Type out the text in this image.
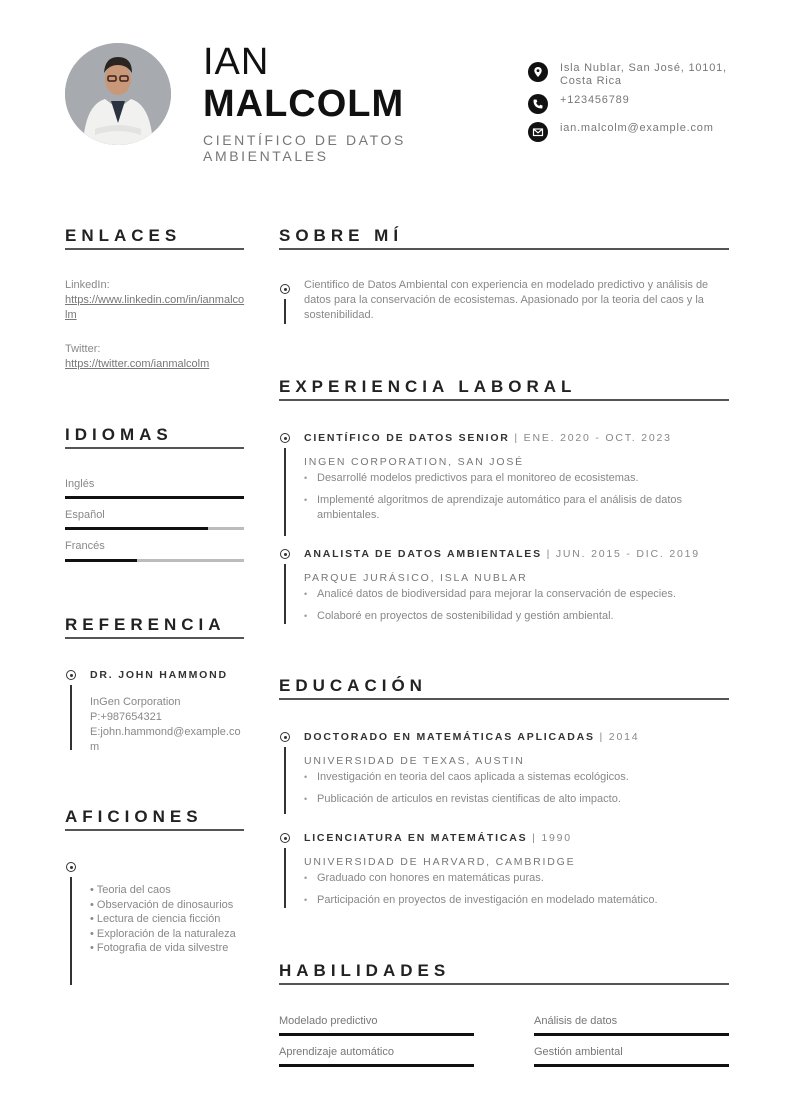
IAN
MALCOLM
CIENTÍFICO DE DATOS AMBIENTALES
Isla Nublar, San José, 10101, Costa Rica
+123456789
ian.malcolm@example.com
ENLACES
LinkedIn:
https://www.linkedin.com/in/ianmalcolm
Twitter:
https://twitter.com/ianmalcolm
IDIOMAS
Inglés
Español
Francés
REFERENCIA
DR. JOHN HAMMOND
InGen Corporation
P:+987654321
E:john.hammond@example.com
AFICIONES
• Teoria del caos
• Observación de dinosaurios
• Lectura de ciencia ficción
• Exploración de la naturaleza
• Fotografia de vida silvestre
SOBRE MÍ
Cientifico de Datos Ambiental con experiencia en modelado predictivo y análisis de datos para la conservación de ecosistemas. Apasionado por la teoria del caos y la sostenibilidad.
EXPERIENCIA LABORAL
CIENTÍFICO DE DATOS SENIOR | ENE. 2020 - OCT. 2023
INGEN CORPORATION, SAN JOSÉ
• Desarrollé modelos predictivos para el monitoreo de ecosistemas.
• Implementé algoritmos de aprendizaje automático para el análisis de datos ambientales.
ANALISTA DE DATOS AMBIENTALES | JUN. 2015 - DIC. 2019
PARQUE JURÁSICO, ISLA NUBLAR
• Analicé datos de biodiversidad para mejorar la conservación de especies.
• Colaboré en proyectos de sostenibilidad y gestión ambiental.
EDUCACIÓN
DOCTORADO EN MATEMÁTICAS APLICADAS | 2014
UNIVERSIDAD DE TEXAS, AUSTIN
• Investigación en teoria del caos aplicada a sistemas ecológicos.
• Publicación de articulos en revistas cientificas de alto impacto.
LICENCIATURA EN MATEMÁTICAS | 1990
UNIVERSIDAD DE HARVARD, CAMBRIDGE
• Graduado con honores en matemáticas puras.
• Participación en proyectos de investigación en modelado matemático.
HABILIDADES
Modelado predictivo	Análisis de datos
Aprendizaje automático	Gestión ambiental
